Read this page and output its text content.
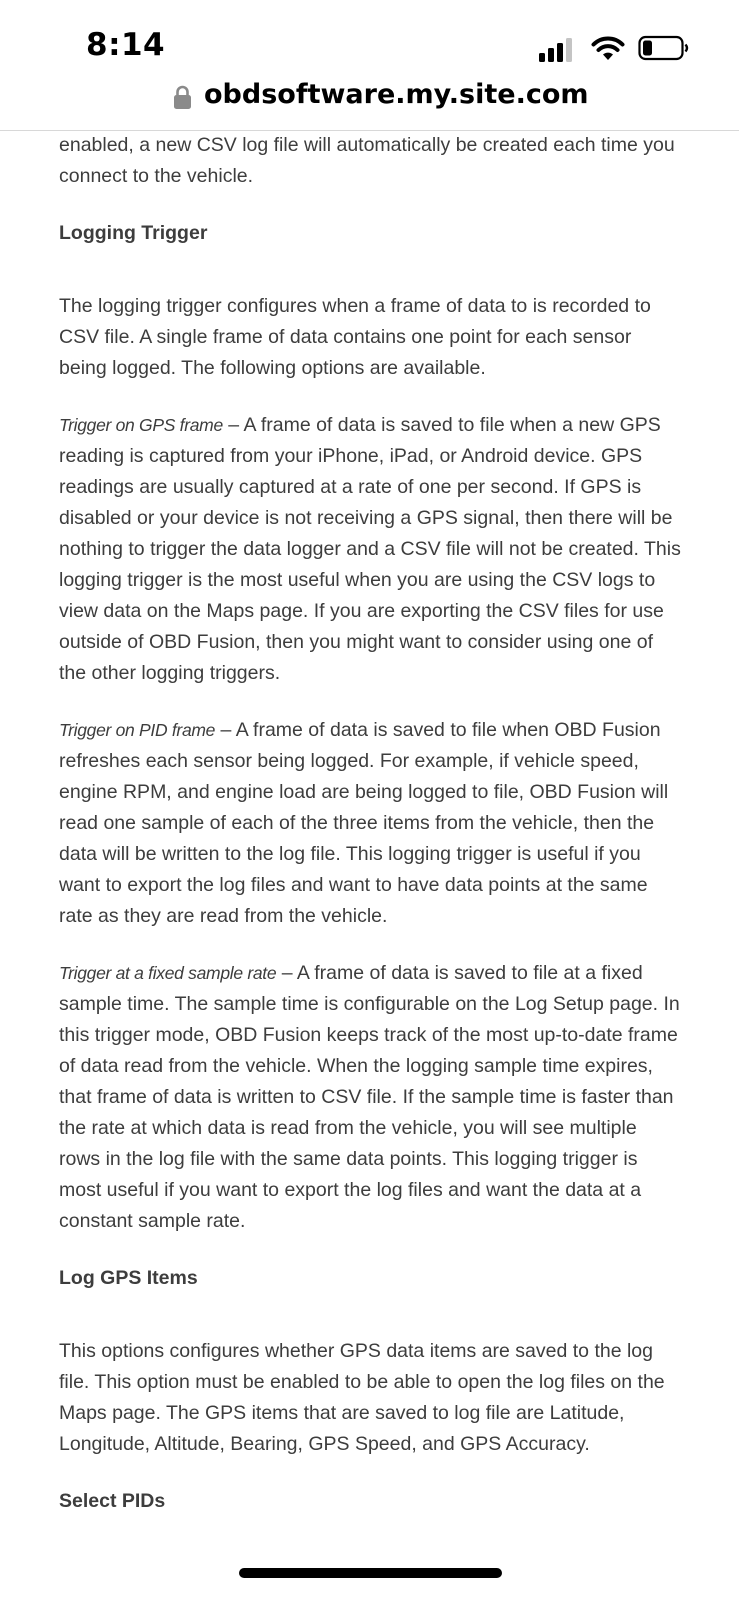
8:14
obdsoftware.my.site.com

enabled, a new CSV log file will automatically be created each time you connect to the vehicle.

Logging Trigger

The logging trigger configures when a frame of data to is recorded to CSV file. A single frame of data contains one point for each sensor being logged. The following options are available.

Trigger on GPS frame – A frame of data is saved to file when a new GPS reading is captured from your iPhone, iPad, or Android device. GPS readings are usually captured at a rate of one per second. If GPS is disabled or your device is not receiving a GPS signal, then there will be nothing to trigger the data logger and a CSV file will not be created. This logging trigger is the most useful when you are using the CSV logs to view data on the Maps page. If you are exporting the CSV files for use outside of OBD Fusion, then you might want to consider using one of the other logging triggers.

Trigger on PID frame – A frame of data is saved to file when OBD Fusion refreshes each sensor being logged. For example, if vehicle speed, engine RPM, and engine load are being logged to file, OBD Fusion will read one sample of each of the three items from the vehicle, then the data will be written to the log file. This logging trigger is useful if you want to export the log files and want to have data points at the same rate as they are read from the vehicle.

Trigger at a fixed sample rate – A frame of data is saved to file at a fixed sample time. The sample time is configurable on the Log Setup page. In this trigger mode, OBD Fusion keeps track of the most up-to-date frame of data read from the vehicle. When the logging sample time expires, that frame of data is written to CSV file. If the sample time is faster than the rate at which data is read from the vehicle, you will see multiple rows in the log file with the same data points. This logging trigger is most useful if you want to export the log files and want the data at a constant sample rate.

Log GPS Items

This options configures whether GPS data items are saved to the log file. This option must be enabled to be able to open the log files on the Maps page. The GPS items that are saved to log file are Latitude, Longitude, Altitude, Bearing, GPS Speed, and GPS Accuracy.

Select PIDs
